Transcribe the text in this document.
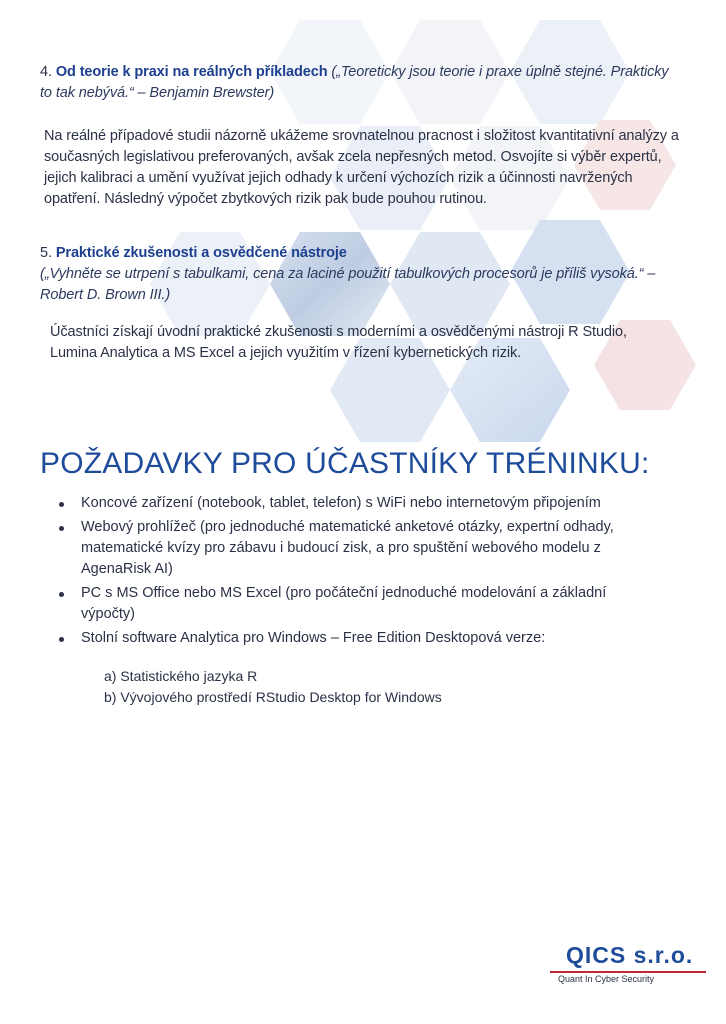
4. Od teorie k praxi na reálných příkladech („Teoreticky jsou teorie i praxe úplně stejné. Prakticky to tak nebývá.“ – Benjamin Brewster)
Na reálné případové studii názorně ukážeme srovnatelnou pracnost i složitost kvantitativní analýzy a současných legislativou preferovaných, avšak zcela nepřesných metod. Osvojíte si výběr expertů, jejich kalibraci a umění využívat jejich odhady k určení výchozích rizik a účinnosti navržených opatření. Následný výpočet zbytkových rizik pak bude pouhou rutinou.
5. Praktické zkušenosti a osvědčené nástroje
(„Vyhněte se utrpení s tabulkami, cena za laciné použití tabulkových procesorů je příliš vysoká.“ – Robert D. Brown III.)
Účastníci získají úvodní praktické zkušenosti s moderními a osvědčenými nástroji R Studio, Lumina Analytica a MS Excel a jejich využitím v řízení kybernetických rizik.
POŽADAVKY PRO ÚČASTNÍKY TRÉNINKU:
Koncové zařízení (notebook, tablet, telefon) s WiFi nebo internetovým připojením
Webový prohlížeč (pro jednoduché matematické anketové otázky, expertní odhady, matematické kvízy pro zábavu i budoucí zisk, a pro spuštění webového modelu z AgenaRisk AI)
PC s MS Office nebo MS Excel (pro počáteční jednoduché modelování a základní výpočty)
Stolní software Analytica pro Windows – Free Edition Desktopová verze:
a) Statistického jazyka R
b) Vývojového prostředí RStudio Desktop for Windows
QICS s.r.o.
Quant In Cyber Security
